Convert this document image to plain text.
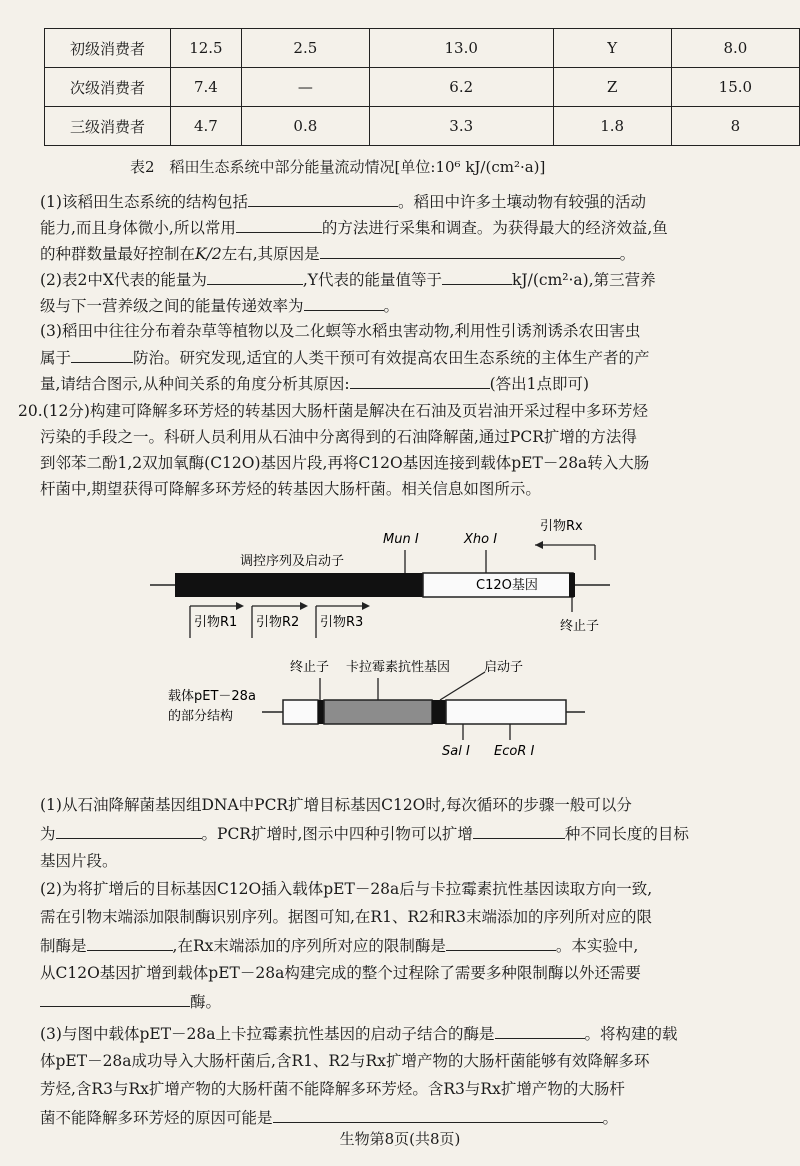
初级消费者	12.5	2.5	13.0	Y	8.0
次级消费者	7.4	—	6.2	Z	15.0
三级消费者	4.7	0.8	3.3	1.8	8
表2　稻田生态系统中部分能量流动情况[单位:10⁶ kJ/(cm²·a)]
(1)该稻田生态系统的结构包括	。稻田中许多土壤动物有较强的活动
能力,而且身体微小,所以常用	的方法进行采集和调查。为获得最大的经济效益,鱼
的种群数量最好控制在K/2左右,其原因是	。
(2)表2中X代表的能量为	,Y代表的能量值等于	kJ/(cm²·a),第三营养
级与下一营养级之间的能量传递效率为	。
(3)稻田中往往分布着杂草等植物以及二化螟等水稻虫害动物,利用性引诱剂诱杀农田害虫
属于	防治。研究发现,适宜的人类干预可有效提高农田生态系统的主体生产者的产
量,请结合图示,从种间关系的角度分析其原因:	(答出1点即可)
20.(12分)构建可降解多环芳烃的转基因大肠杆菌是解决在石油及页岩油开采过程中多环芳烃
污染的手段之一。科研人员利用从石油中分离得到的石油降解菌,通过PCR扩增的方法得
到邻苯二酚1,2双加氧酶(C12O)基因片段,再将C12O基因连接到载体pET－28a转入大肠
杆菌中,期望获得可降解多环芳烃的转基因大肠杆菌。相关信息如图所示。
调控序列及启动子
Mun Ⅰ	Xho Ⅰ
引物Rx
C12O基因
终止子
引物R1 引物R2 引物R3
载体pET－28a
的部分结构
终止子 卡拉霉素抗性基因	启动子
Sal Ⅰ EcoR Ⅰ
(1)从石油降解菌基因组DNA中PCR扩增目标基因C12O时,每次循环的步骤一般可以分
为	。PCR扩增时,图示中四种引物可以扩增	种不同长度的目标
基因片段。
(2)为将扩增后的目标基因C12O插入载体pET－28a后与卡拉霉素抗性基因读取方向一致,
需在引物末端添加限制酶识别序列。据图可知,在R1、R2和R3末端添加的序列所对应的限
制酶是	,在Rx末端添加的序列所对应的限制酶是	。本实验中,
从C12O基因扩增到载体pET－28a构建完成的整个过程除了需要多种限制酶以外还需要
酶。
(3)与图中载体pET－28a上卡拉霉素抗性基因的启动子结合的酶是	。将构建的载
体pET－28a成功导入大肠杆菌后,含R1、R2与Rx扩增产物的大肠杆菌能够有效降解多环
芳烃,含R3与Rx扩增产物的大肠杆菌不能降解多环芳烃。含R3与Rx扩增产物的大肠杆
菌不能降解多环芳烃的原因可能是	。
生物第8页(共8页)
